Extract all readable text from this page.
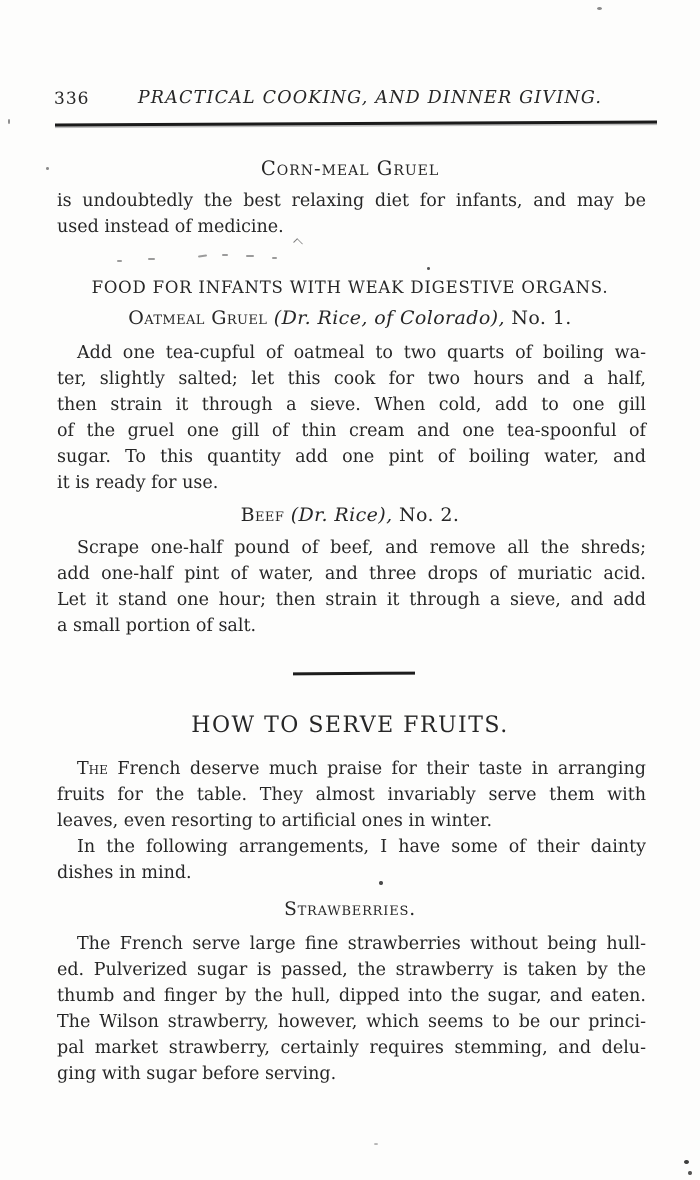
336	PRACTICAL COOKING, AND DINNER GIVING.
Corn-meal Gruel
is undoubtedly the best relaxing diet for infants, and may be
used instead of medicine.
FOOD FOR INFANTS WITH WEAK DIGESTIVE ORGANS.
Oatmeal Gruel (Dr. Rice, of Colorado), No. 1.
Add one tea-cupful of oatmeal to two quarts of boiling wa-
ter, slightly salted; let this cook for two hours and a half,
then strain it through a sieve. When cold, add to one gill
of the gruel one gill of thin cream and one tea-spoonful of
sugar. To this quantity add one pint of boiling water, and
it is ready for use.
Beef (Dr. Rice), No. 2.
Scrape one-half pound of beef, and remove all the shreds;
add one-half pint of water, and three drops of muriatic acid.
Let it stand one hour; then strain it through a sieve, and add
a small portion of salt.
HOW TO SERVE FRUITS.
The French deserve much praise for their taste in arranging
fruits for the table. They almost invariably serve them with
leaves, even resorting to artificial ones in winter.
In the following arrangements, I have some of their dainty
dishes in mind.
Strawberries.
The French serve large fine strawberries without being hull-
ed. Pulverized sugar is passed, the strawberry is taken by the
thumb and finger by the hull, dipped into the sugar, and eaten.
The Wilson strawberry, however, which seems to be our princi-
pal market strawberry, certainly requires stemming, and delu-
ging with sugar before serving.
